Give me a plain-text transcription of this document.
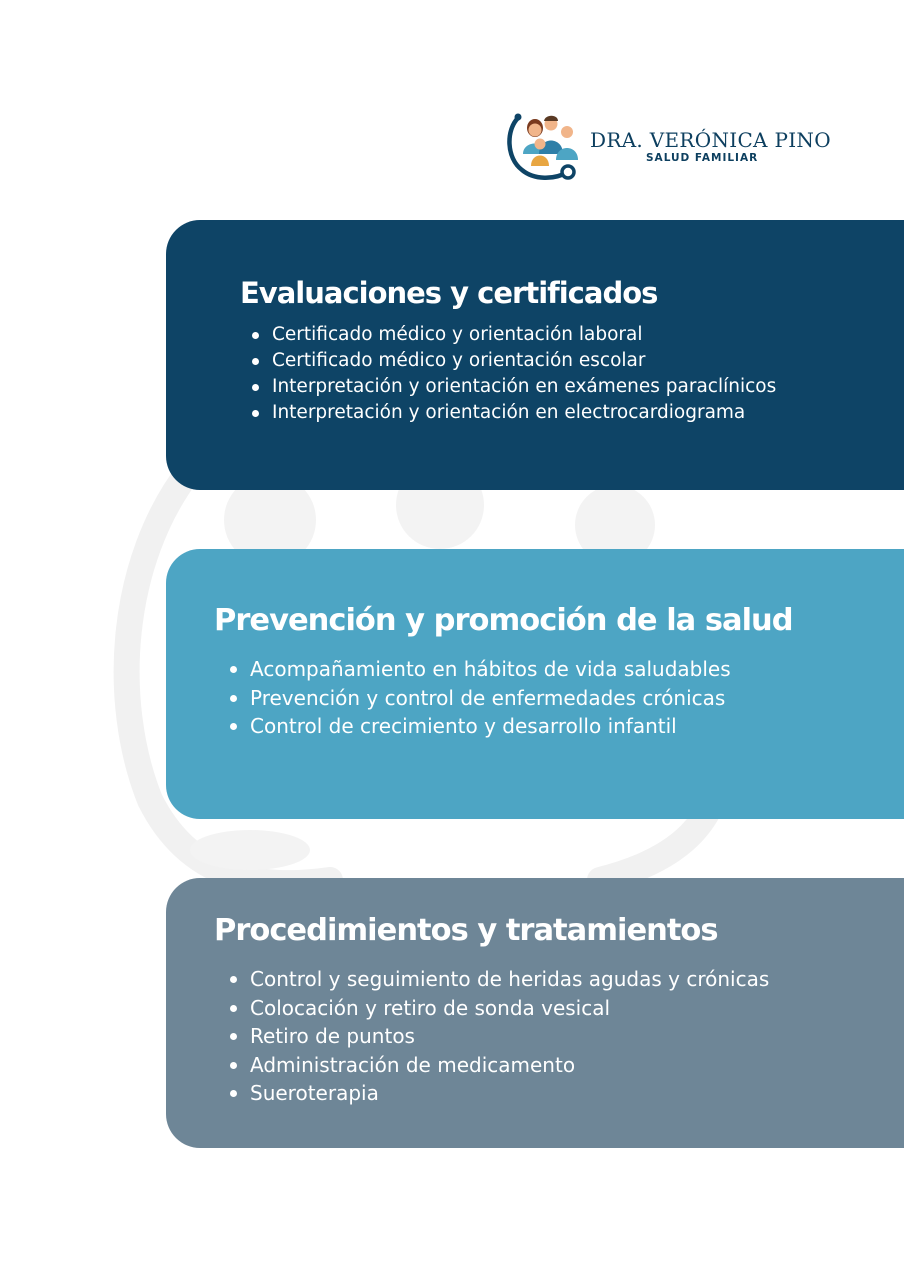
DRA. VERÓNICA PINO
SALUD FAMILIAR
Evaluaciones y certificados
Certificado médico y orientación laboral
Certificado médico y orientación escolar
Interpretación y orientación en exámenes paraclínicos
Interpretación y orientación en electrocardiograma
Prevención y promoción de la salud
Acompañamiento en hábitos de vida saludables
Prevención y control de enfermedades crónicas
Control de crecimiento y desarrollo infantil
Procedimientos y tratamientos
Control y seguimiento de heridas agudas y crónicas
Colocación y retiro de sonda vesical
Retiro de puntos
Administración de medicamento
Sueroterapia
